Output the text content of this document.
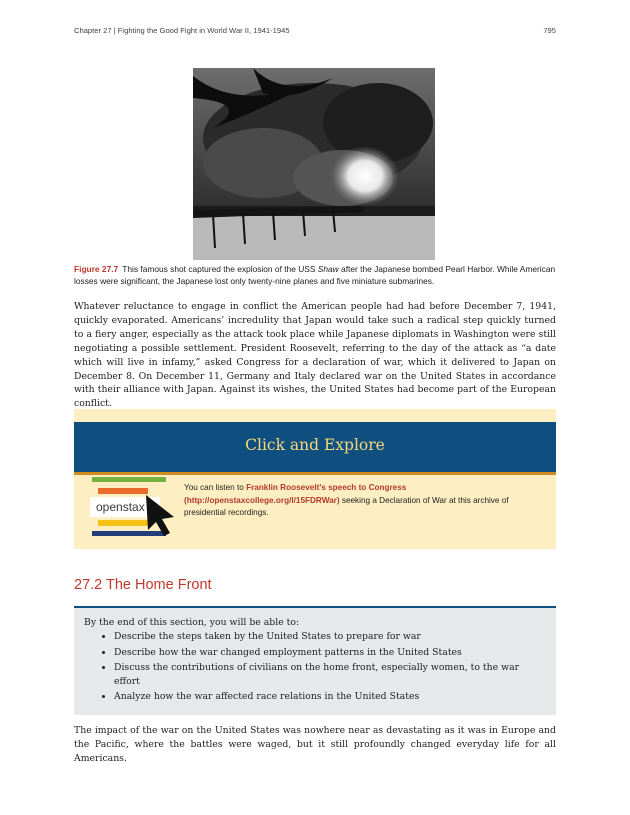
Chapter 27 | Fighting the Good Fight in World War II, 1941-1945	795
Figure 27.7 This famous shot captured the explosion of the USS Shaw after the Japanese bombed Pearl Harbor. While American losses were significant, the Japanese lost only twenty-nine planes and five miniature submarines.
Whatever reluctance to engage in conflict the American people had had before December 7, 1941, quickly evaporated. Americans’ incredulity that Japan would take such a radical step quickly turned to a fiery anger, especially as the attack took place while Japanese diplomats in Washington were still negotiating a possible settlement. President Roosevelt, referring to the day of the attack as “a date which will live in infamy,” asked Congress for a declaration of war, which it delivered to Japan on December 8. On December 11, Germany and Italy declared war on the United States in accordance with their alliance with Japan. Against its wishes, the United States had become part of the European conflict.
Click and Explore
openstax
You can listen to Franklin Roosevelt's speech to Congress (http://openstaxcollege.org/l/15FDRWar) seeking a Declaration of War at this archive of presidential recordings.
27.2 The Home Front
By the end of this section, you will be able to:
• Describe the steps taken by the United States to prepare for war
• Describe how the war changed employment patterns in the United States
• Discuss the contributions of civilians on the home front, especially women, to the war effort
• Analyze how the war affected race relations in the United States
The impact of the war on the United States was nowhere near as devastating as it was in Europe and the Pacific, where the battles were waged, but it still profoundly changed everyday life for all Americans.
